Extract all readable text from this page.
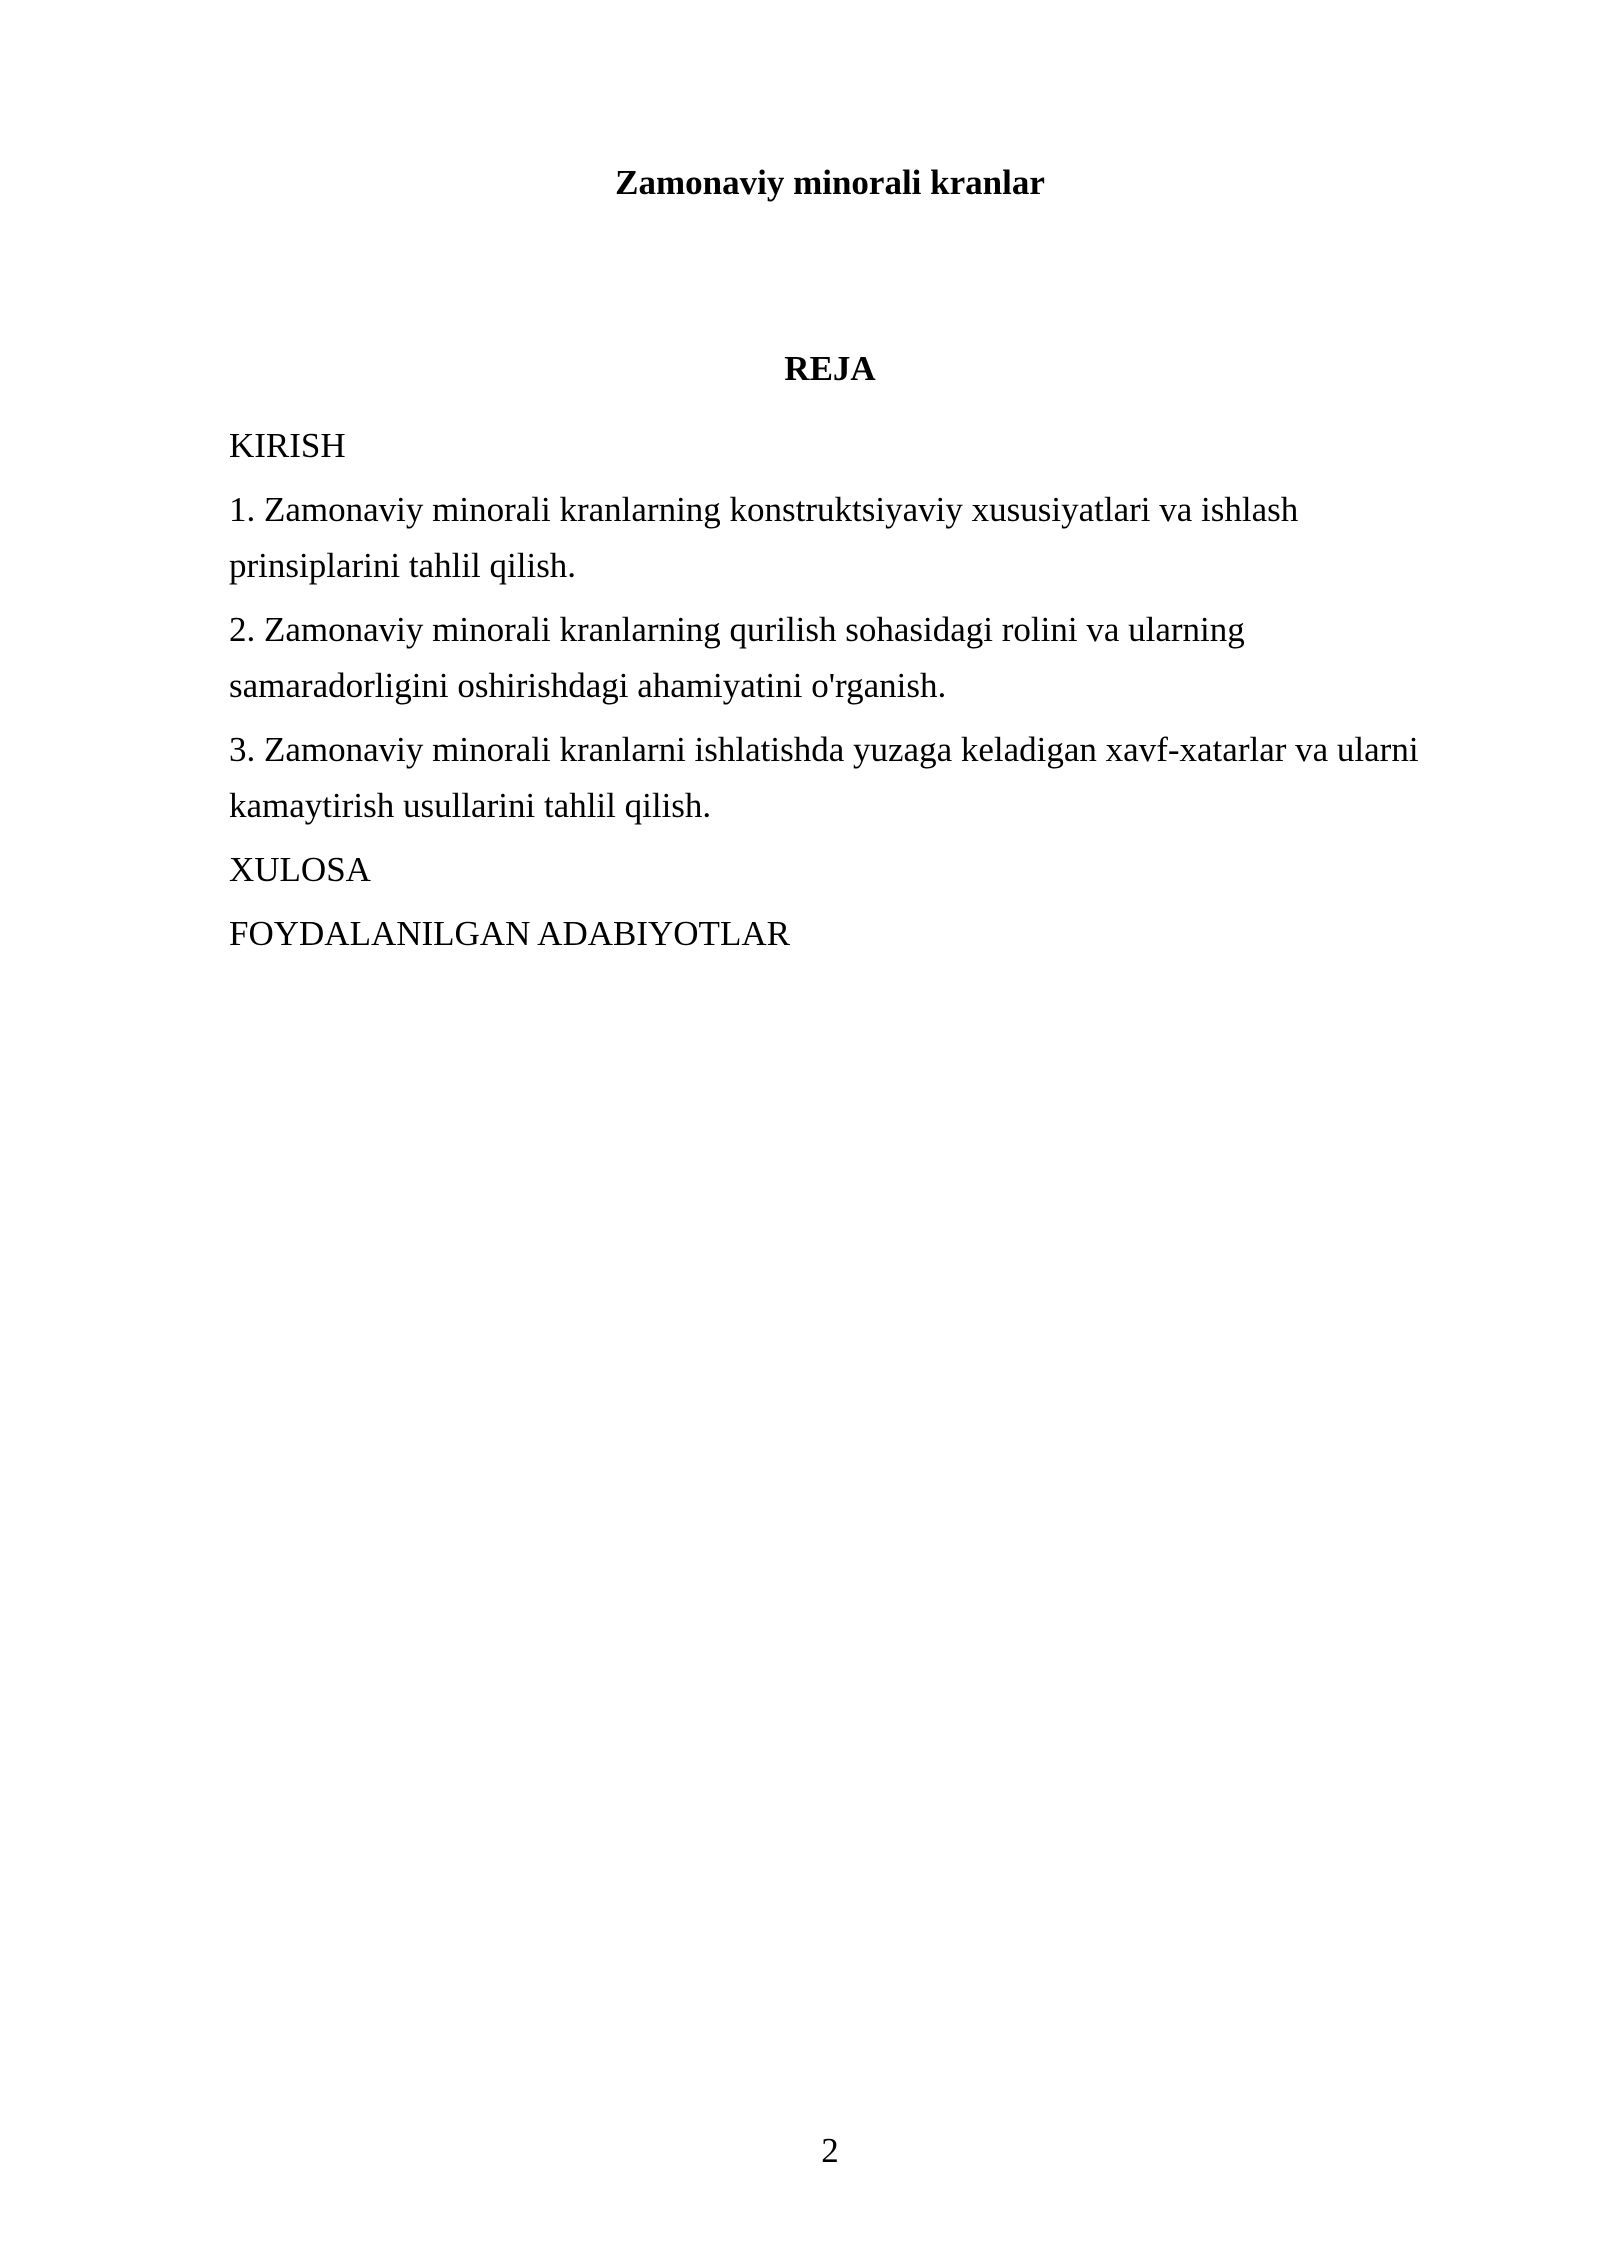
Zamonaviy minorali kranlar
REJA
KIRISH
1. Zamonaviy minorali kranlarning konstruktsiyaviy xususiyatlari va ishlash prinsiplarini tahlil qilish.
2. Zamonaviy minorali kranlarning qurilish sohasidagi rolini va ularning samaradorligini oshirishdagi ahamiyatini o'rganish.
3. Zamonaviy minorali kranlarni ishlatishda yuzaga keladigan xavf-xatarlar va ularni kamaytirish usullarini tahlil qilish.
XULOSA
FOYDALANILGAN ADABIYOTLAR
2
